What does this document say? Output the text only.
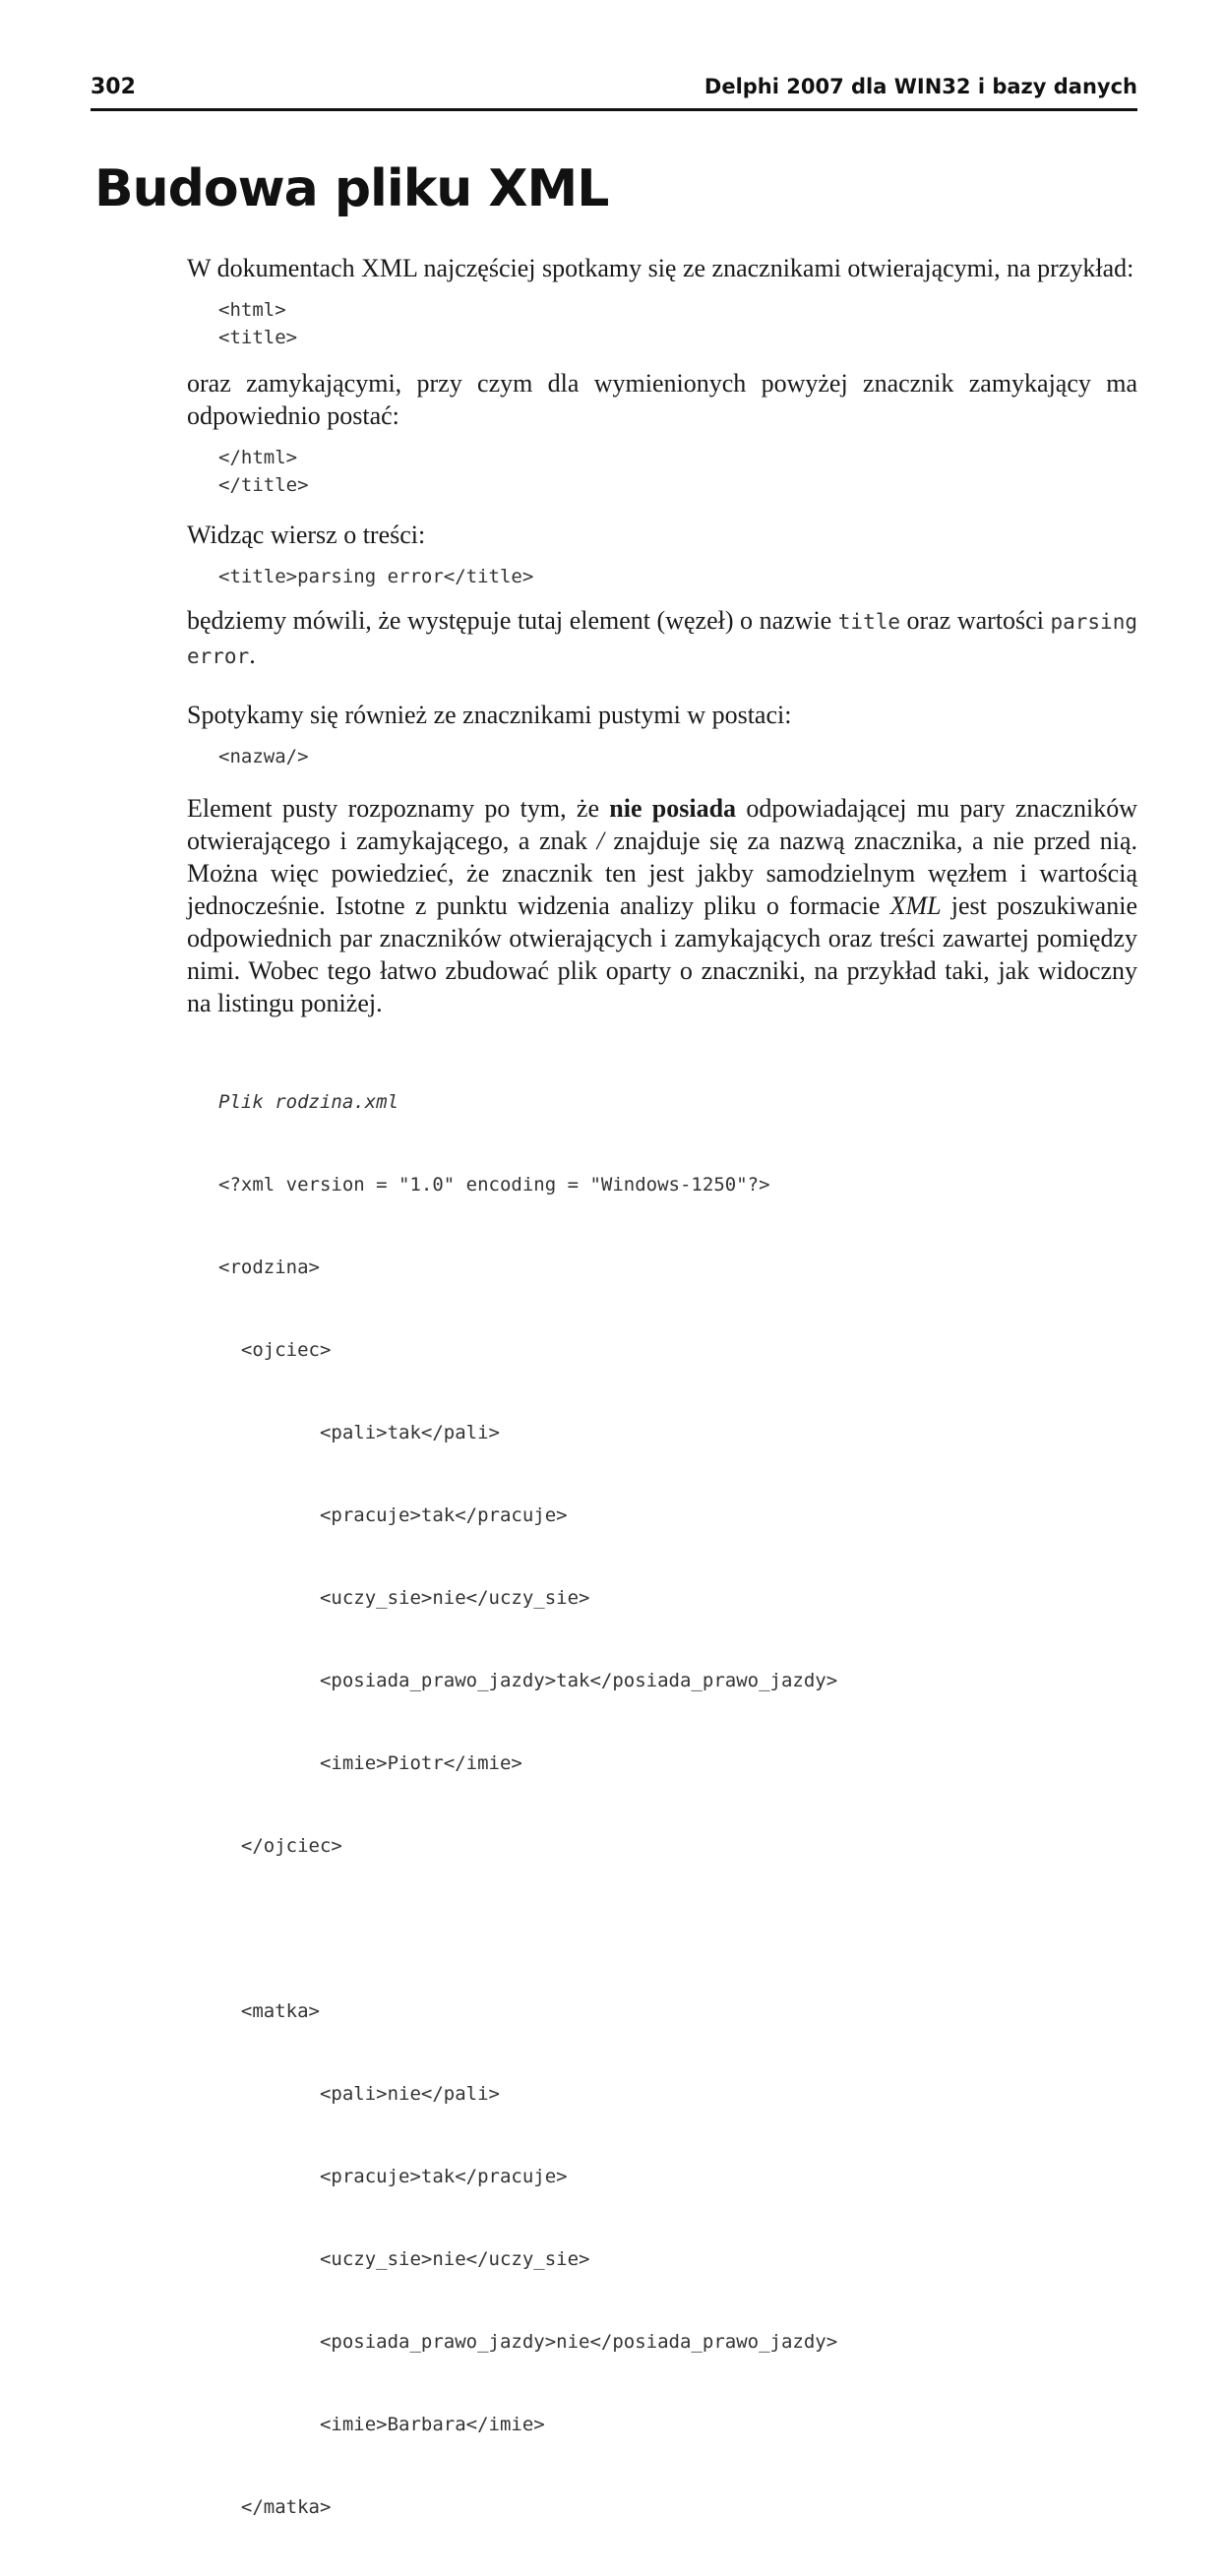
302	Delphi 2007 dla WIN32 i bazy danych
Budowa pliku XML

W dokumentach XML najczęściej spotkamy się ze znacznikami otwierającymi, na przykład:

<html>
<title>

oraz zamykającymi, przy czym dla wymienionych powyżej znacznik zamykający ma odpowiednio postać:

</html>
</title>

Widząc wiersz o treści:

<title>parsing error</title>

będziemy mówili, że występuje tutaj element (węzeł) o nazwie title oraz wartości parsing error.

Spotykamy się również ze znacznikami pustymi w postaci:

<nazwa/>

Element pusty rozpoznamy po tym, że nie posiada odpowiadającej mu pary znaczników otwierającego i zamykającego, a znak / znajduje się za nazwą znacznika, a nie przed nią. Można więc powiedzieć, że znacznik ten jest jakby samodzielnym węzłem i wartością jednocześnie. Istotne z punktu widzenia analizy pliku o formacie XML jest poszukiwanie odpowiednich par znaczników otwierających i zamykających oraz treści zawartej pomiędzy nimi. Wobec tego łatwo zbudować plik oparty o znaczniki, na przykład taki, jak widoczny na listingu poniżej.

Plik rodzina.xml

<?xml version = "1.0" encoding = "Windows-1250"?>

<rodzina>

<ojciec>

<pali>tak</pali>

<pracuje>tak</pracuje>

<uczy_sie>nie</uczy_sie>

<posiada_prawo_jazdy>tak</posiada_prawo_jazdy>

<imie>Piotr</imie>

</ojciec>

<matka>

<pali>nie</pali>

<pracuje>tak</pracuje>

<uczy_sie>nie</uczy_sie>

<posiada_prawo_jazdy>nie</posiada_prawo_jazdy>

<imie>Barbara</imie>

</matka>
